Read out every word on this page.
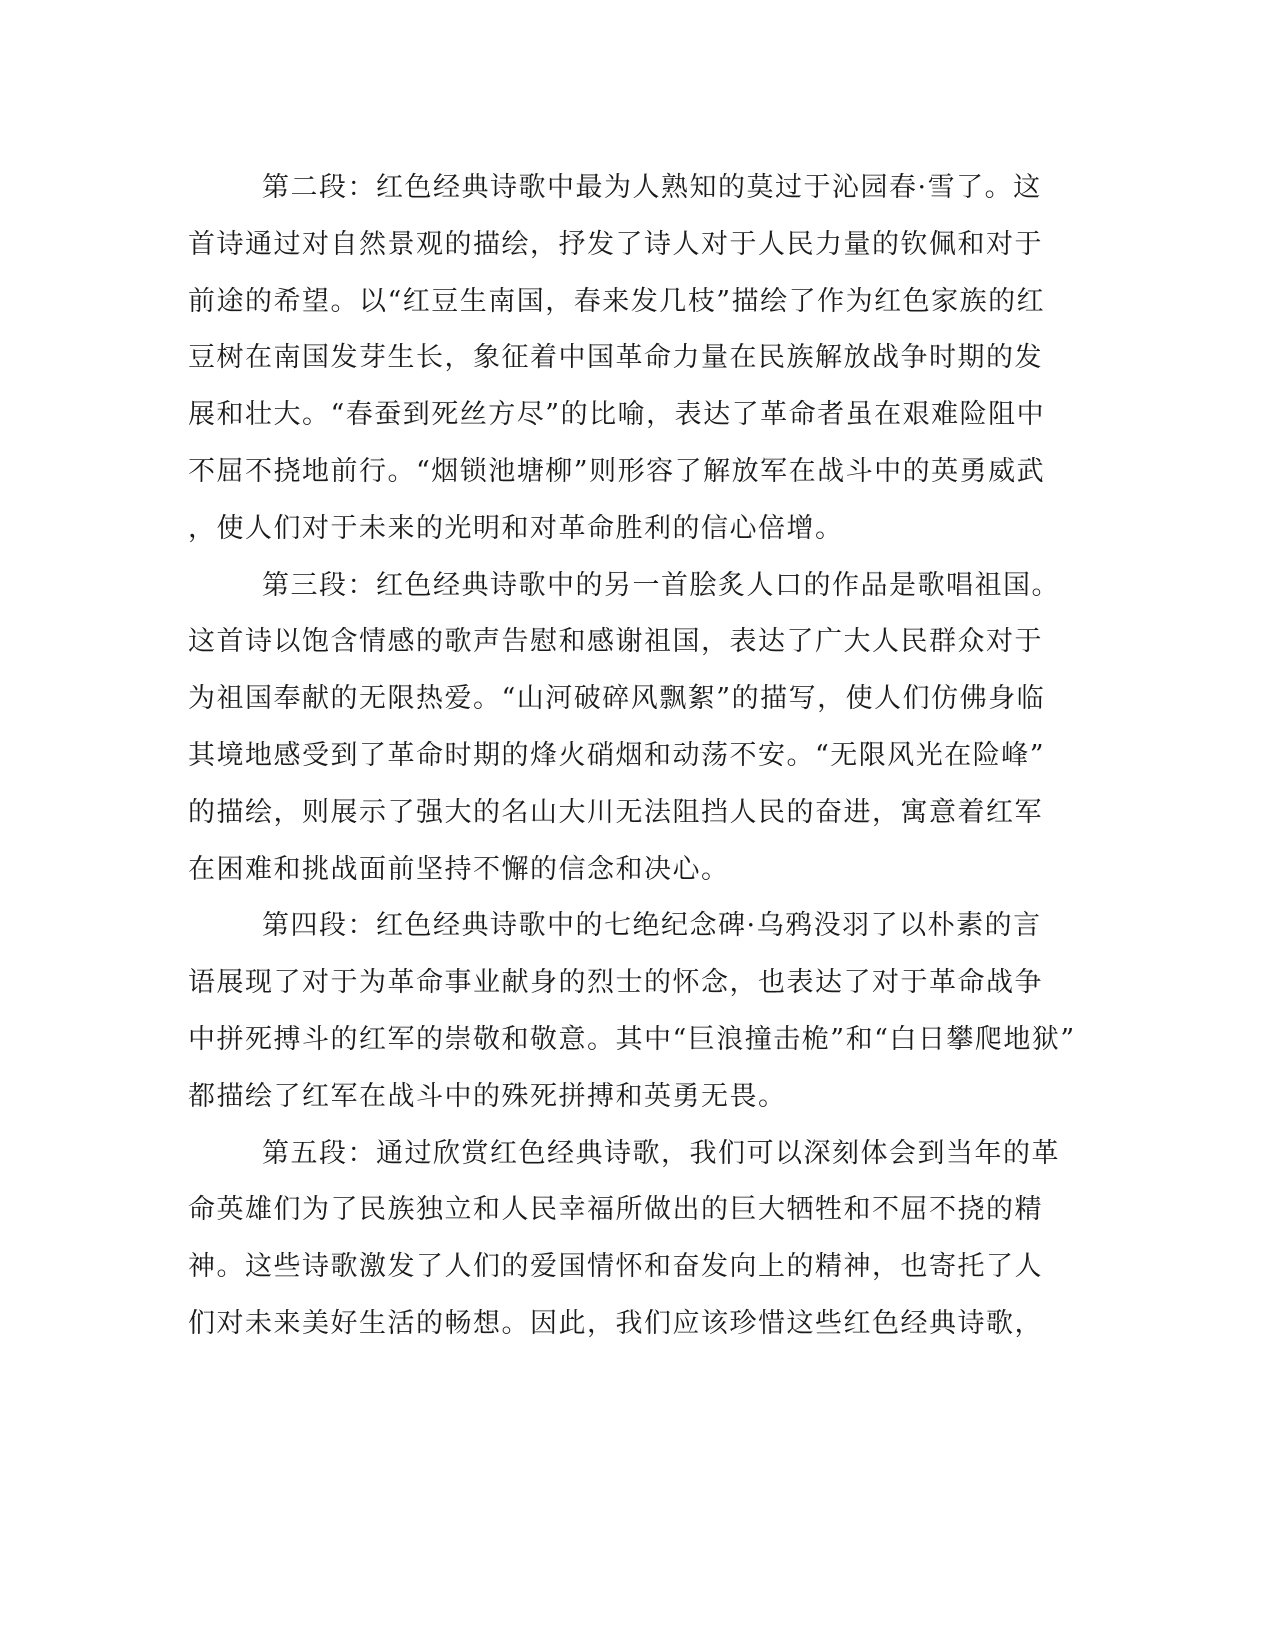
第二段：红色经典诗歌中最为人熟知的莫过于沁园春·雪了。这
首诗通过对自然景观的描绘，抒发了诗人对于人民力量的钦佩和对于
前途的希望。以“红豆生南国，春来发几枝”描绘了作为红色家族的红
豆树在南国发芽生长，象征着中国革命力量在民族解放战争时期的发
展和壮大。“春蚕到死丝方尽”的比喻，表达了革命者虽在艰难险阻中
不屈不挠地前行。“烟锁池塘柳”则形容了解放军在战斗中的英勇威武
，使人们对于未来的光明和对革命胜利的信心倍增。
第三段：红色经典诗歌中的另一首脍炙人口的作品是歌唱祖国。
这首诗以饱含情感的歌声告慰和感谢祖国，表达了广大人民群众对于
为祖国奉献的无限热爱。“山河破碎风飘絮”的描写，使人们仿佛身临
其境地感受到了革命时期的烽火硝烟和动荡不安。“无限风光在险峰”
的描绘，则展示了强大的名山大川无法阻挡人民的奋进，寓意着红军
在困难和挑战面前坚持不懈的信念和决心。
第四段：红色经典诗歌中的七绝纪念碑·乌鸦没羽了以朴素的言
语展现了对于为革命事业献身的烈士的怀念，也表达了对于革命战争
中拼死搏斗的红军的崇敬和敬意。其中“巨浪撞击桅”和“白日攀爬地狱”
都描绘了红军在战斗中的殊死拼搏和英勇无畏。
第五段：通过欣赏红色经典诗歌，我们可以深刻体会到当年的革
命英雄们为了民族独立和人民幸福所做出的巨大牺牲和不屈不挠的精
神。这些诗歌激发了人们的爱国情怀和奋发向上的精神，也寄托了人
们对未来美好生活的畅想。因此，我们应该珍惜这些红色经典诗歌，
